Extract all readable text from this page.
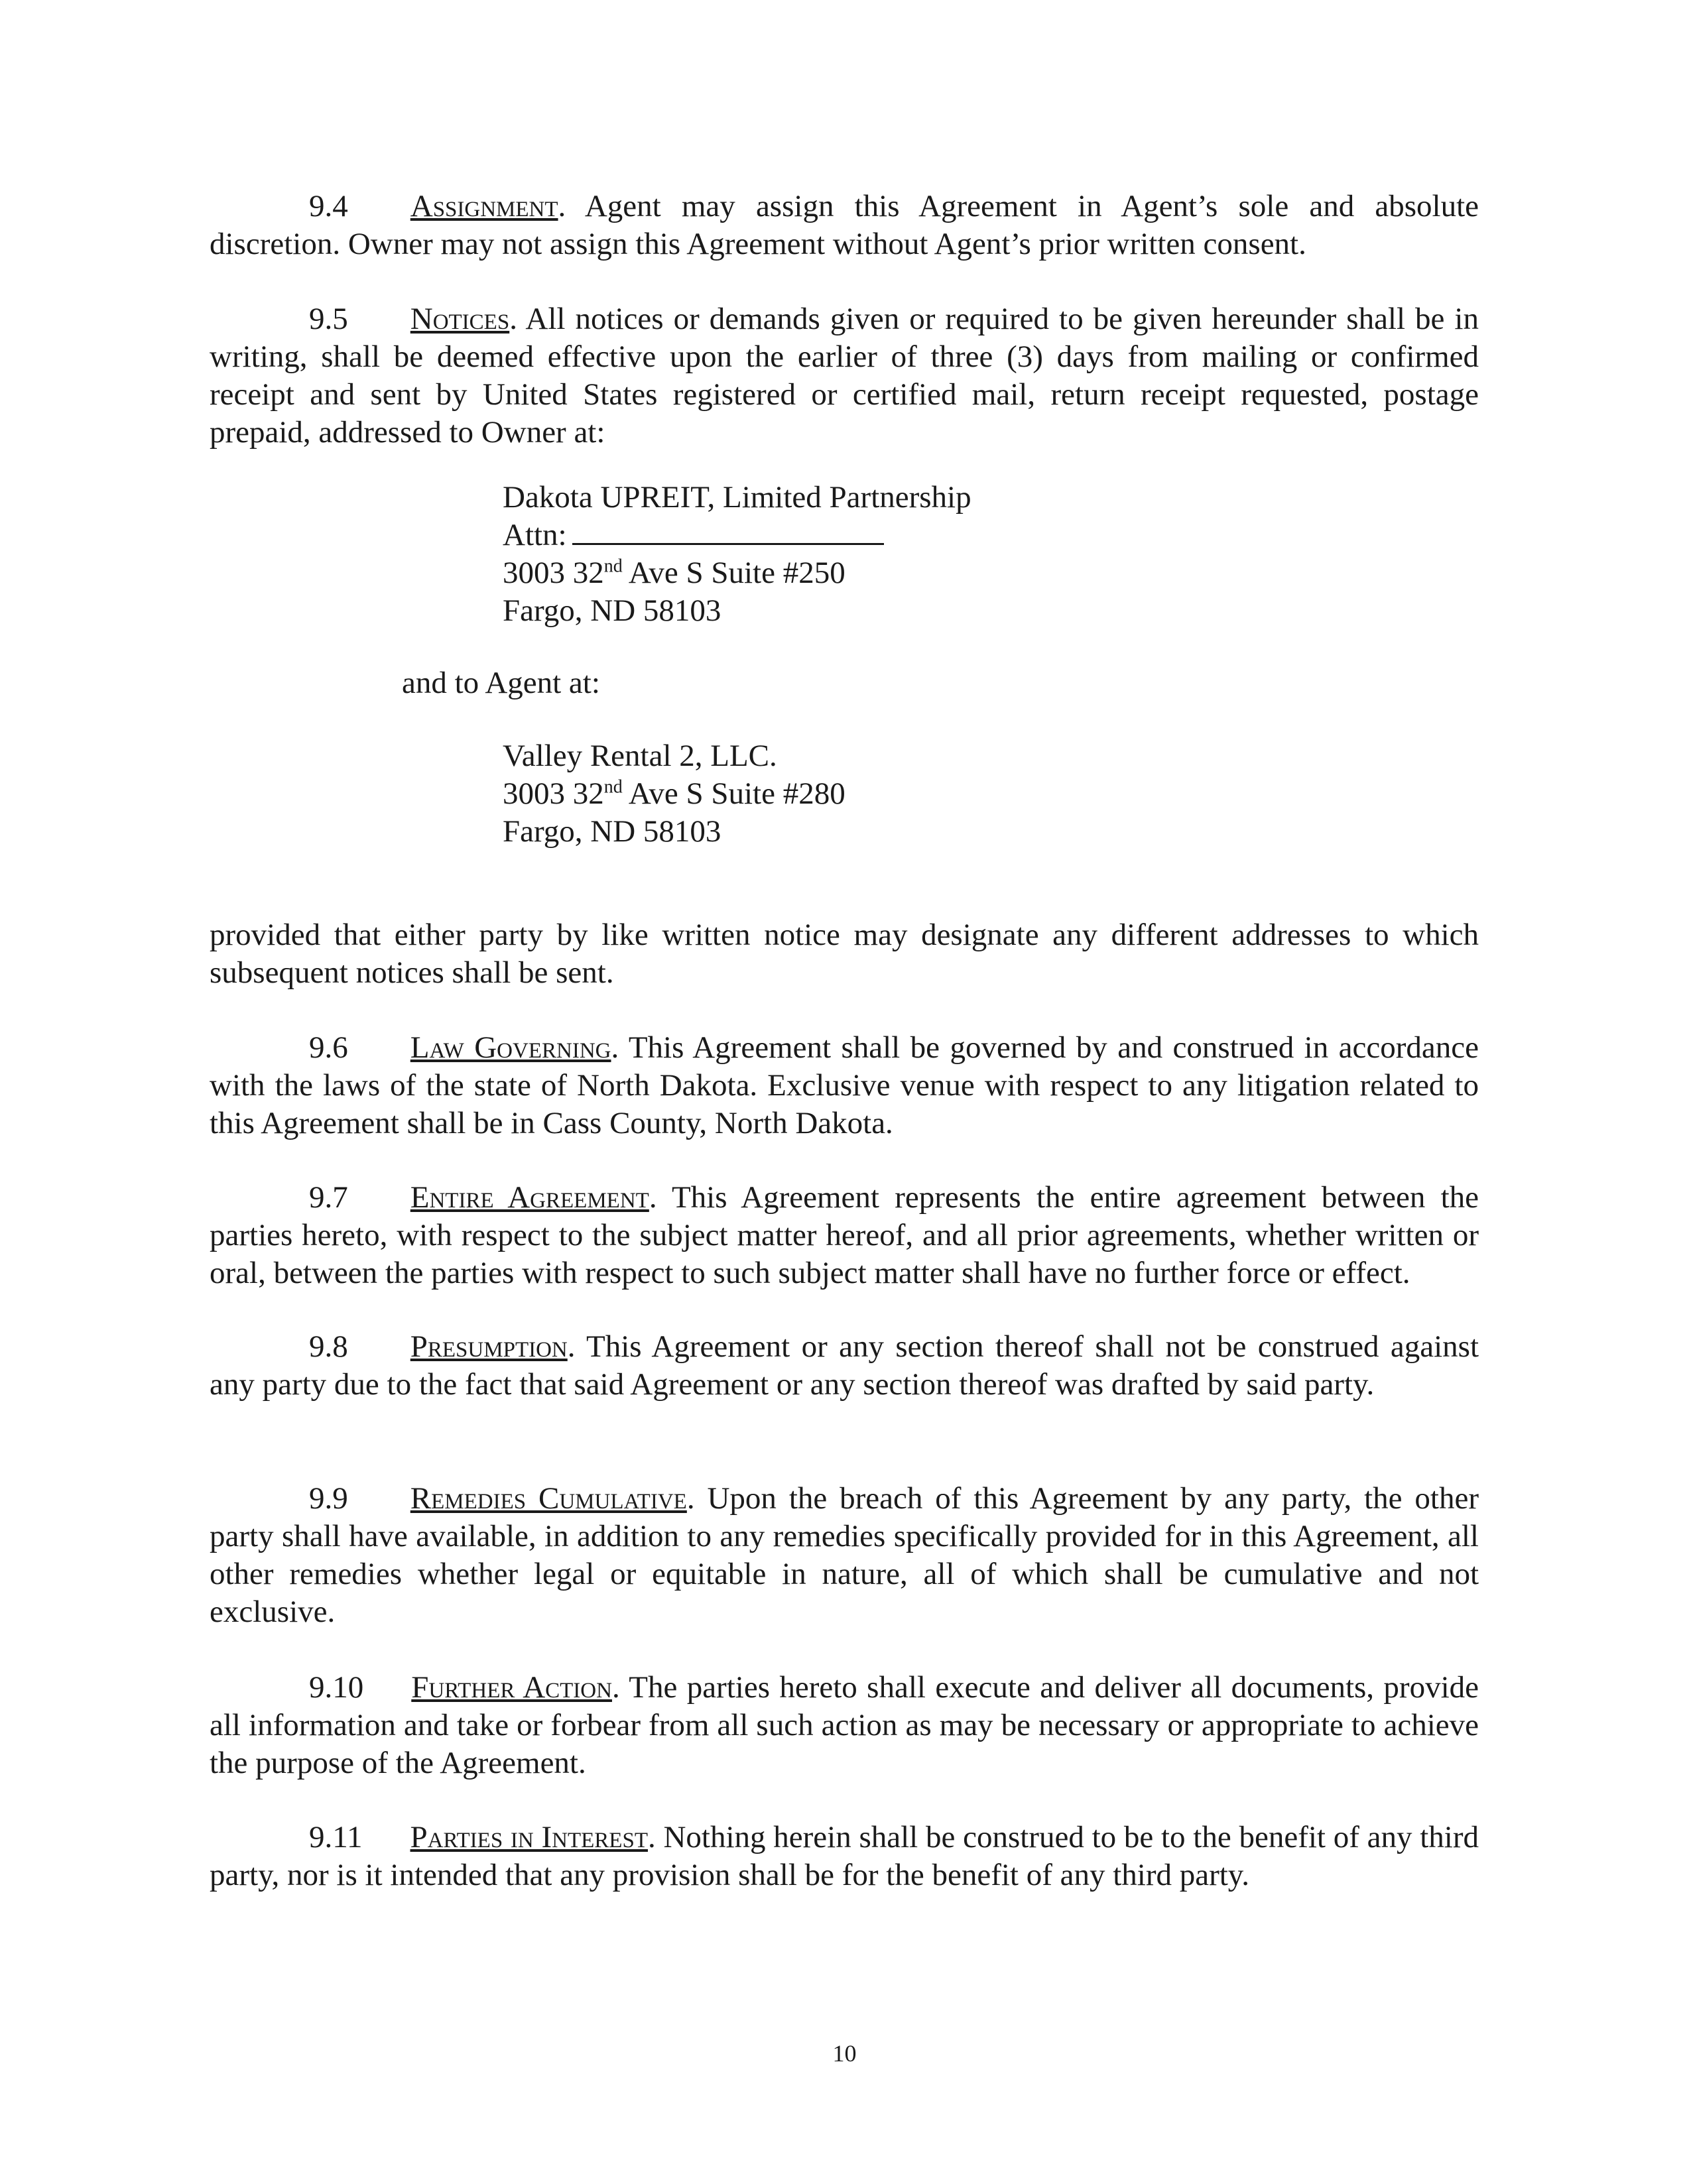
9.4 Assignment. Agent may assign this Agreement in Agent’s sole and absolute discretion. Owner may not assign this Agreement without Agent’s prior written consent.

9.5 Notices. All notices or demands given or required to be given hereunder shall be in writing, shall be deemed effective upon the earlier of three (3) days from mailing or confirmed receipt and sent by United States registered or certified mail, return receipt requested, postage prepaid, addressed to Owner at:

Dakota UPREIT, Limited Partnership
Attn:
3003 32nd Ave S Suite #250
Fargo, ND 58103
and to Agent at:
Valley Rental 2, LLC.
3003 32nd Ave S Suite #280
Fargo, ND 58103

provided that either party by like written notice may designate any different addresses to which subsequent notices shall be sent.

9.6 Law Governing. This Agreement shall be governed by and construed in accordance with the laws of the state of North Dakota. Exclusive venue with respect to any litigation related to this Agreement shall be in Cass County, North Dakota.

9.7 Entire Agreement. This Agreement represents the entire agreement between the parties hereto, with respect to the subject matter hereof, and all prior agreements, whether written or oral, between the parties with respect to such subject matter shall have no further force or effect.

9.8 Presumption. This Agreement or any section thereof shall not be construed against any party due to the fact that said Agreement or any section thereof was drafted by said party.

9.9 Remedies Cumulative. Upon the breach of this Agreement by any party, the other party shall have available, in addition to any remedies specifically provided for in this Agreement, all other remedies whether legal or equitable in nature, all of which shall be cumulative and not exclusive.

9.10 Further Action. The parties hereto shall execute and deliver all documents, provide all information and take or forbear from all such action as may be necessary or appropriate to achieve the purpose of the Agreement.

9.11 Parties in Interest. Nothing herein shall be construed to be to the benefit of any third party, nor is it intended that any provision shall be for the benefit of any third party.

10
